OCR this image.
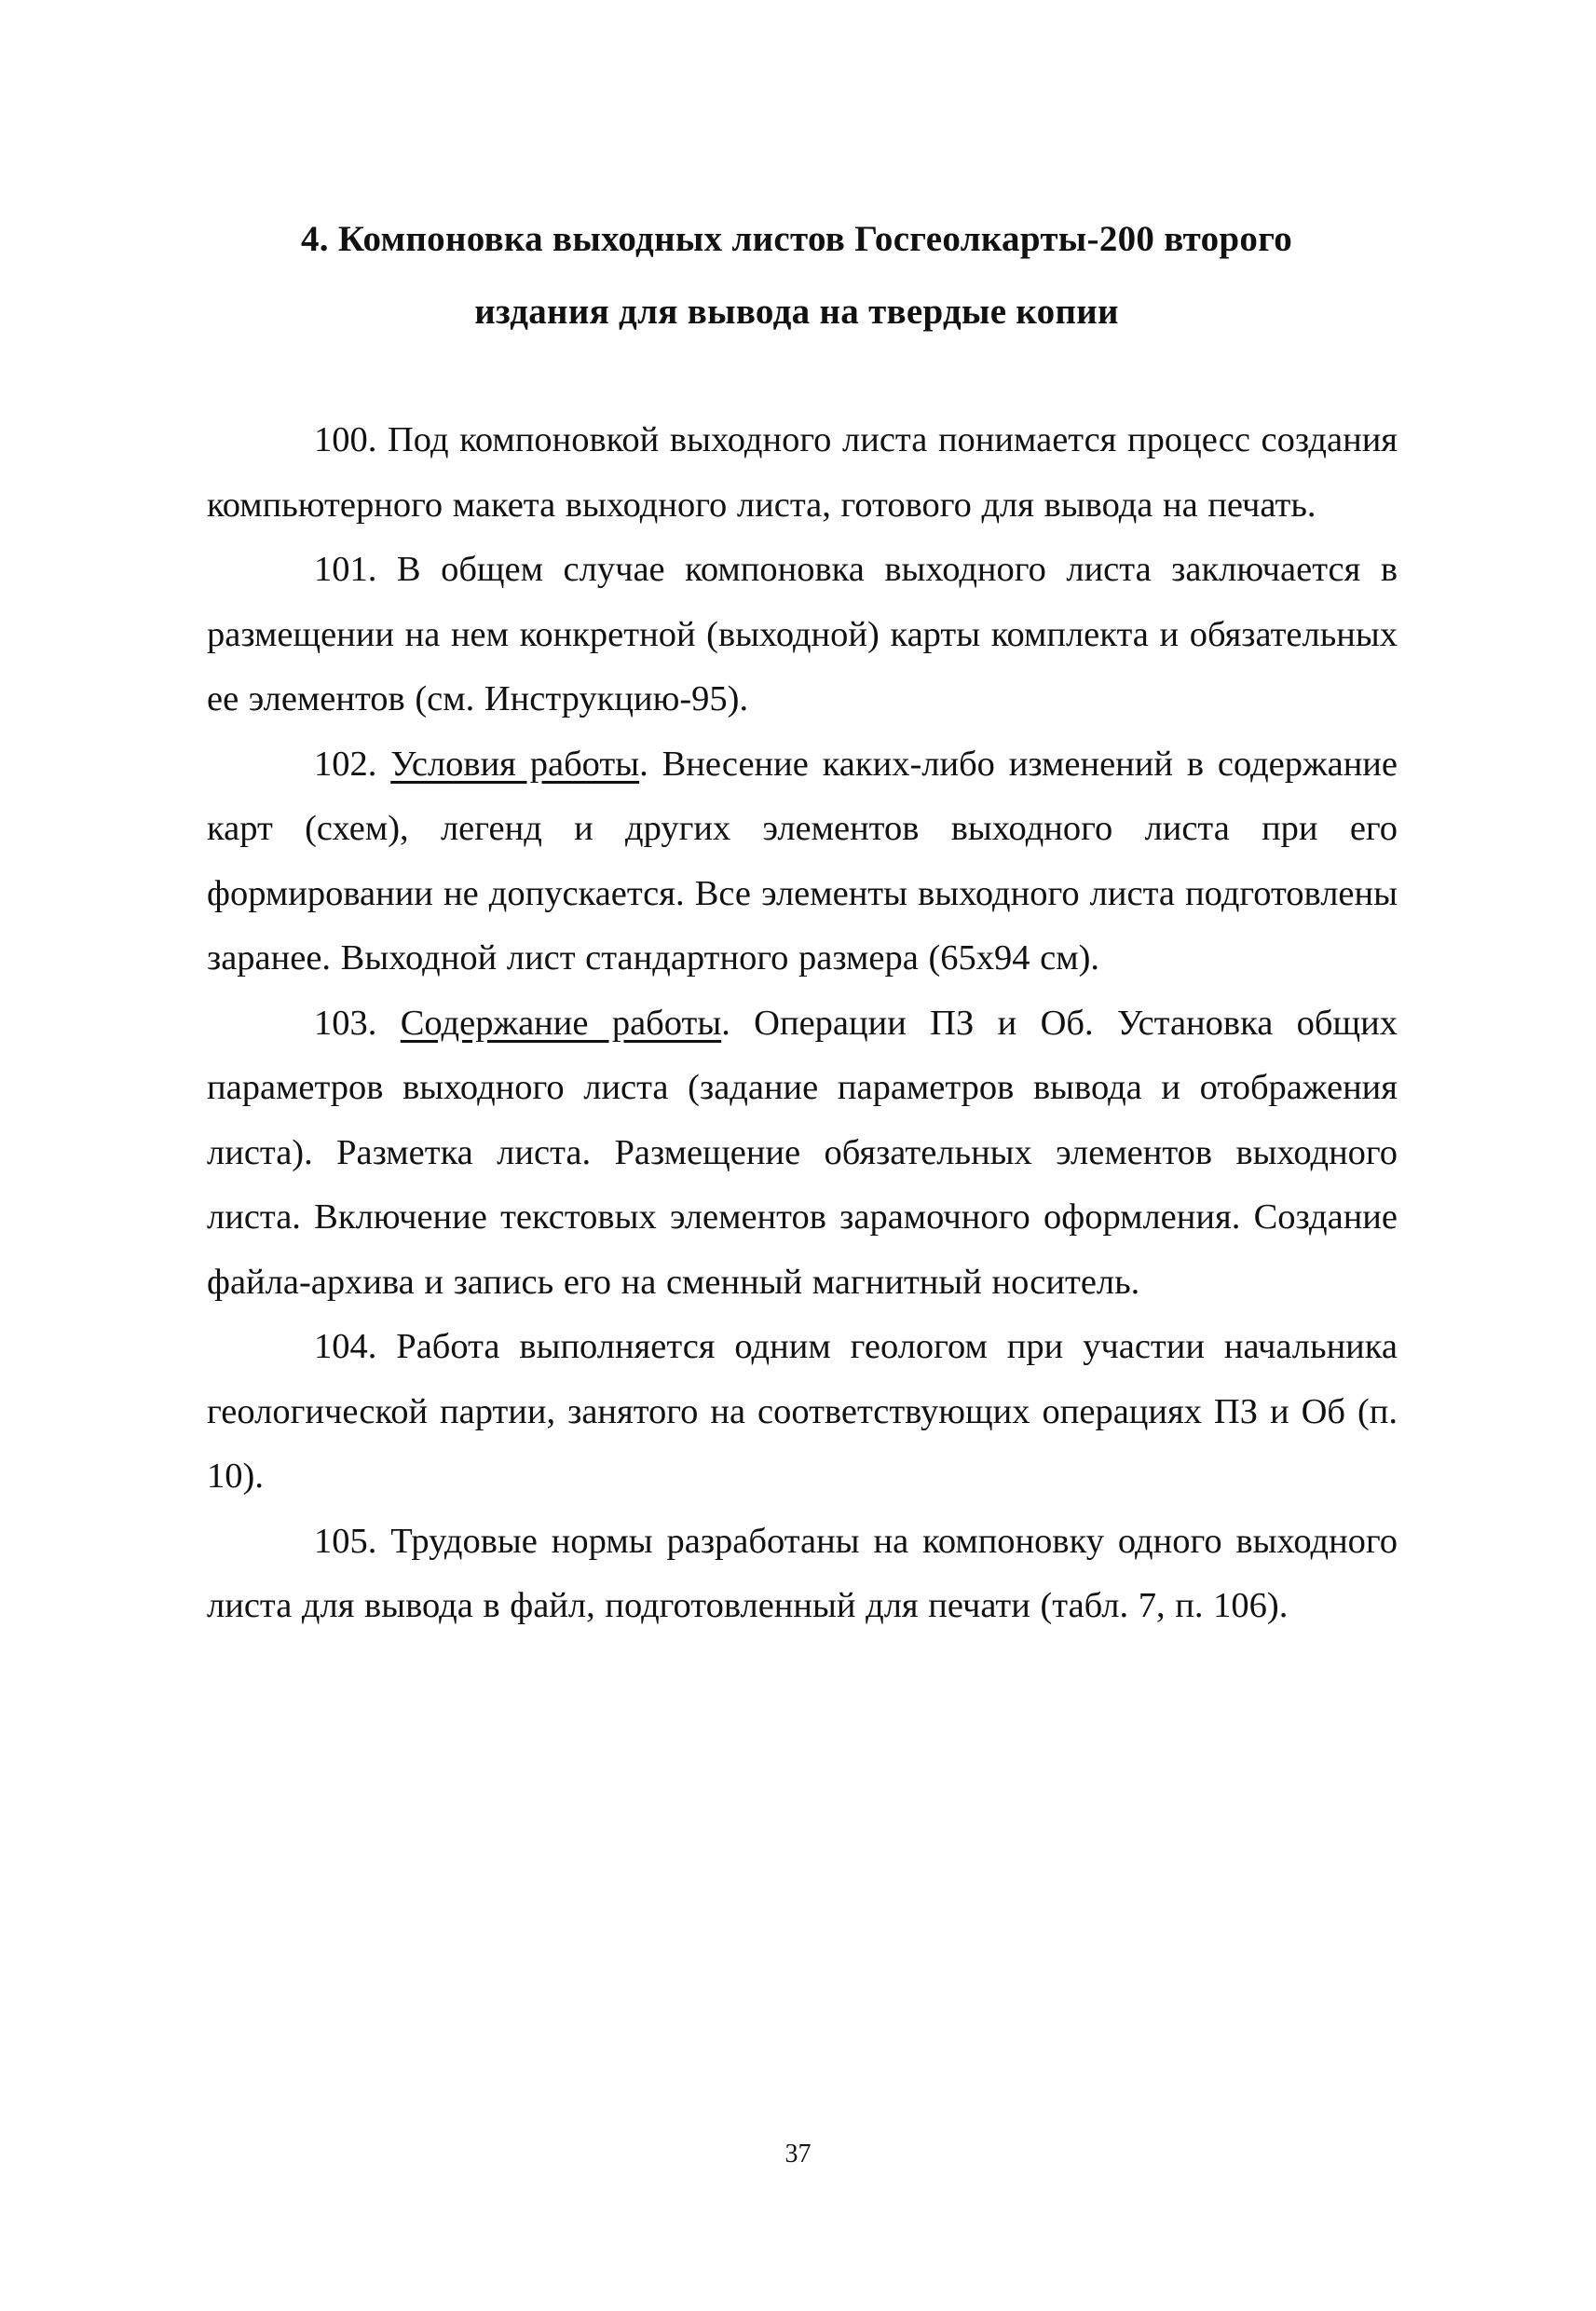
4. Компоновка выходных листов Госгеолкарты-200 второго
издания для вывода на твердые копии

100. Под компоновкой выходного листа понимается процесс создания компьютерного макета выходного листа, готового для вывода на печать.

101. В общем случае компоновка выходного листа заключается в размещении на нем конкретной (выходной) карты комплекта и обязательных ее элементов (см. Инструкцию-95).

102. Условия работы. Внесение каких-либо изменений в содержание карт (схем), легенд и других элементов выходного листа при его формировании не допускается. Все элементы выходного листа подготовлены заранее. Выходной лист стандартного размера (65х94 см).

103. Содержание работы. Операции ПЗ и Об. Установка общих параметров выходного листа (задание параметров вывода и отображения листа). Разметка листа. Размещение обязательных элементов выходного листа. Включение текстовых элементов зарамочного оформления. Создание файла-архива и запись его на сменный магнитный носитель.

104. Работа выполняется одним геологом при участии начальника геологической партии, занятого на соответствующих операциях ПЗ и Об (п. 10).

105. Трудовые нормы разработаны на компоновку одного выходного листа для вывода в файл, подготовленный для печати (табл. 7, п. 106).

37
